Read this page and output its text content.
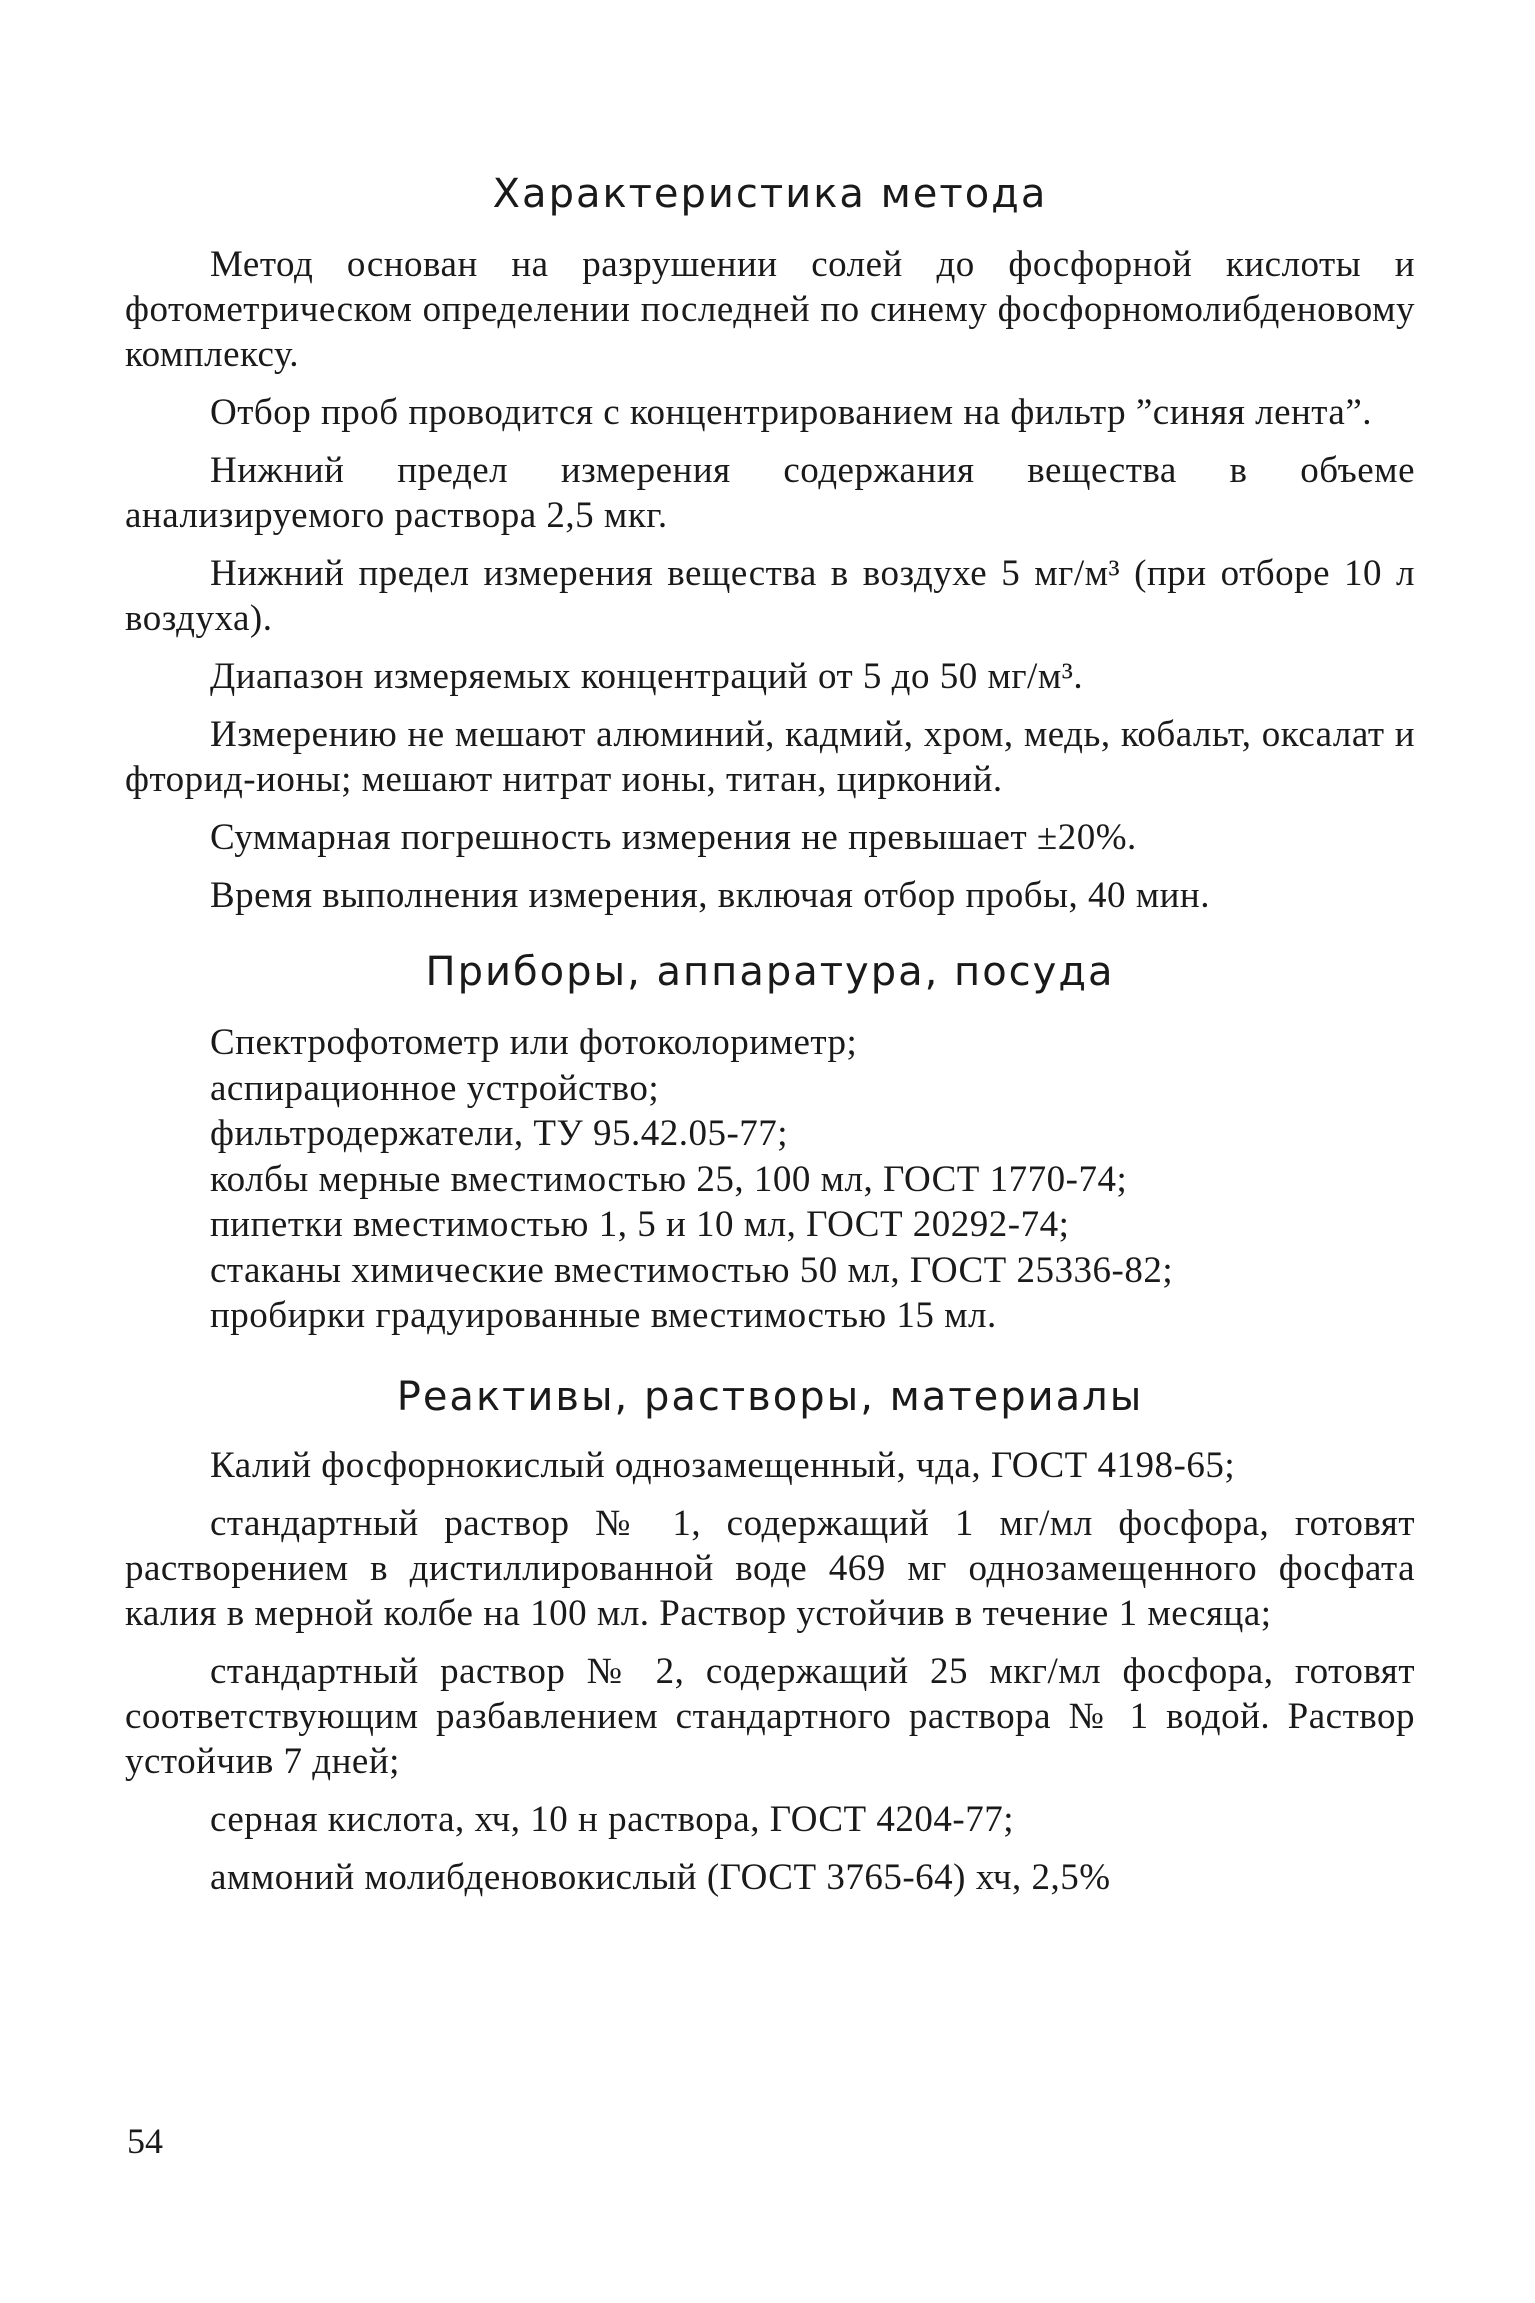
Характеристика метода

Метод основан на разрушении солей до фосфорной кислоты и фотометрическом определении последней по синему фосфорномолибденовому комплексу.

Отбор проб проводится с концентрированием на фильтр ”синяя лента”.

Нижний предел измерения содержания вещества в объеме анализируемого раствора 2,5 мкг.

Нижний предел измерения вещества в воздухе 5 мг/м³ (при отборе 10 л воздуха).

Диапазон измеряемых концентраций от 5 до 50 мг/м³.

Измерению не мешают алюминий, кадмий, хром, медь, кобальт, оксалат и фторид-ионы; мешают нитрат ионы, титан, цирконий.

Суммарная погрешность измерения не превышает ±20%.

Время выполнения измерения, включая отбор пробы, 40 мин.

Приборы, аппаратура, посуда
Спектрофотометр или фотоколориметр;
аспирационное устройство;
фильтродержатели, ТУ 95.42.05-77;
колбы мерные вместимостью 25, 100 мл, ГОСТ 1770-74;
пипетки вместимостью 1, 5 и 10 мл, ГОСТ 20292-74;
стаканы химические вместимостью 50 мл, ГОСТ 25336-82;
пробирки градуированные вместимостью 15 мл.
Реактивы, растворы, материалы

Калий фосфорнокислый однозамещенный, чда, ГОСТ 4198-65;

стандартный раствор № 1, содержащий 1 мг/мл фосфора, готовят растворением в дистиллированной воде 469 мг однозамещенного фосфата калия в мерной колбе на 100 мл. Раствор устойчив в течение 1 месяца;

стандартный раствор № 2, содержащий 25 мкг/мл фосфора, готовят соответствующим разбавлением стандартного раствора № 1 водой. Раствор устойчив 7 дней;

серная кислота, хч, 10 н раствора, ГОСТ 4204-77;

аммоний молибденовокислый (ГОСТ 3765-64) хч, 2,5%

54
